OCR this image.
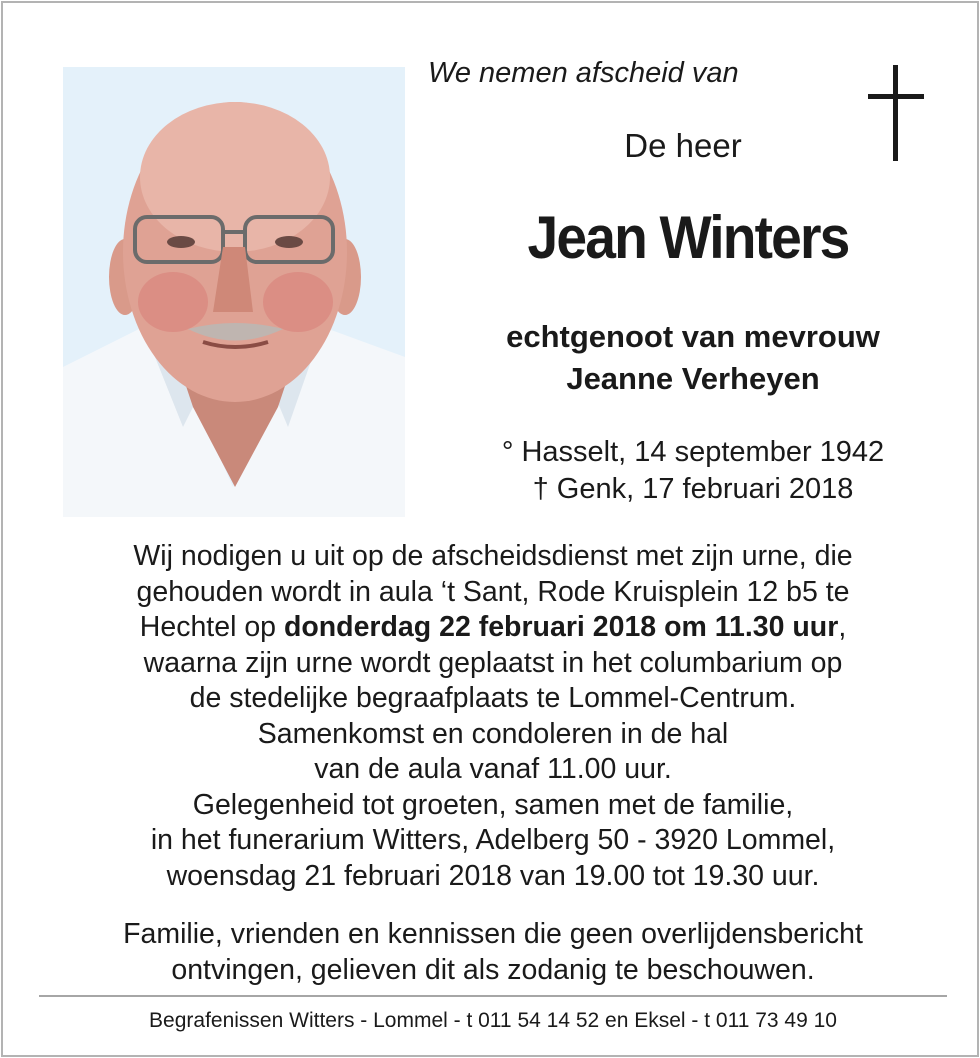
We nemen afscheid van
De heer
Jean Winters
echtgenoot van mevrouw
Jeanne Verheyen
° Hasselt, 14 september 1942
† Genk, 17 februari 2018
Wij nodigen u uit op de afscheidsdienst met zijn urne, die
gehouden wordt in aula ‘t Sant, Rode Kruisplein 12 b5 te
Hechtel op donderdag 22 februari 2018 om 11.30 uur,
waarna zijn urne wordt geplaatst in het columbarium op
de stedelijke begraafplaats te Lommel-Centrum.
Samenkomst en condoleren in de hal
van de aula vanaf 11.00 uur.
Gelegenheid tot groeten, samen met de familie,
in het funerarium Witters, Adelberg 50 - 3920 Lommel,
woensdag 21 februari 2018 van 19.00 tot 19.30 uur.
Familie, vrienden en kennissen die geen overlijdensbericht
ontvingen, gelieven dit als zodanig te beschouwen.
Begrafenissen Witters - Lommel - t 011 54 14 52 en Eksel - t 011 73 49 10
